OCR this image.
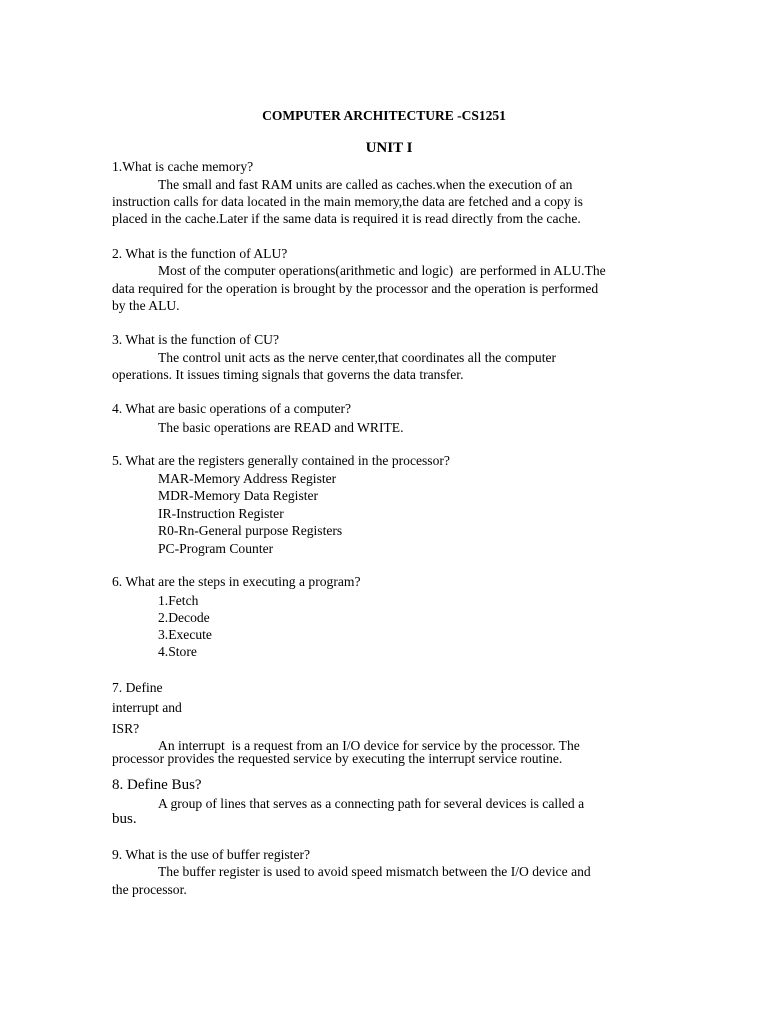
COMPUTER ARCHITECTURE -CS1251
UNIT I
1.What is cache memory?
The small and fast RAM units are called as caches.when the execution of an
instruction calls for data located in the main memory,the data are fetched and a copy is
placed in the cache.Later if the same data is required it is read directly from the cache.
2. What is the function of ALU?
Most of the computer operations(arithmetic and logic)  are performed in ALU.The
data required for the operation is brought by the processor and the operation is performed
by the ALU.
3. What is the function of CU?
The control unit acts as the nerve center,that coordinates all the computer
operations. It issues timing signals that governs the data transfer.
4. What are basic operations of a computer?
The basic operations are READ and WRITE.
5. What are the registers generally contained in the processor?
MAR-Memory Address Register
MDR-Memory Data Register
IR-Instruction Register
R0-Rn-General purpose Registers
PC-Program Counter
6. What are the steps in executing a program?
1.Fetch
2.Decode
3.Execute
4.Store
7. Define
interrupt and
ISR?
An interrupt  is a request from an I/O device for service by the processor. The
processor provides the requested service by executing the interrupt service routine.
8. Define Bus?
A group of lines that serves as a connecting path for several devices is called a
bus.
9. What is the use of buffer register?
The buffer register is used to avoid speed mismatch between the I/O device and
the processor.
